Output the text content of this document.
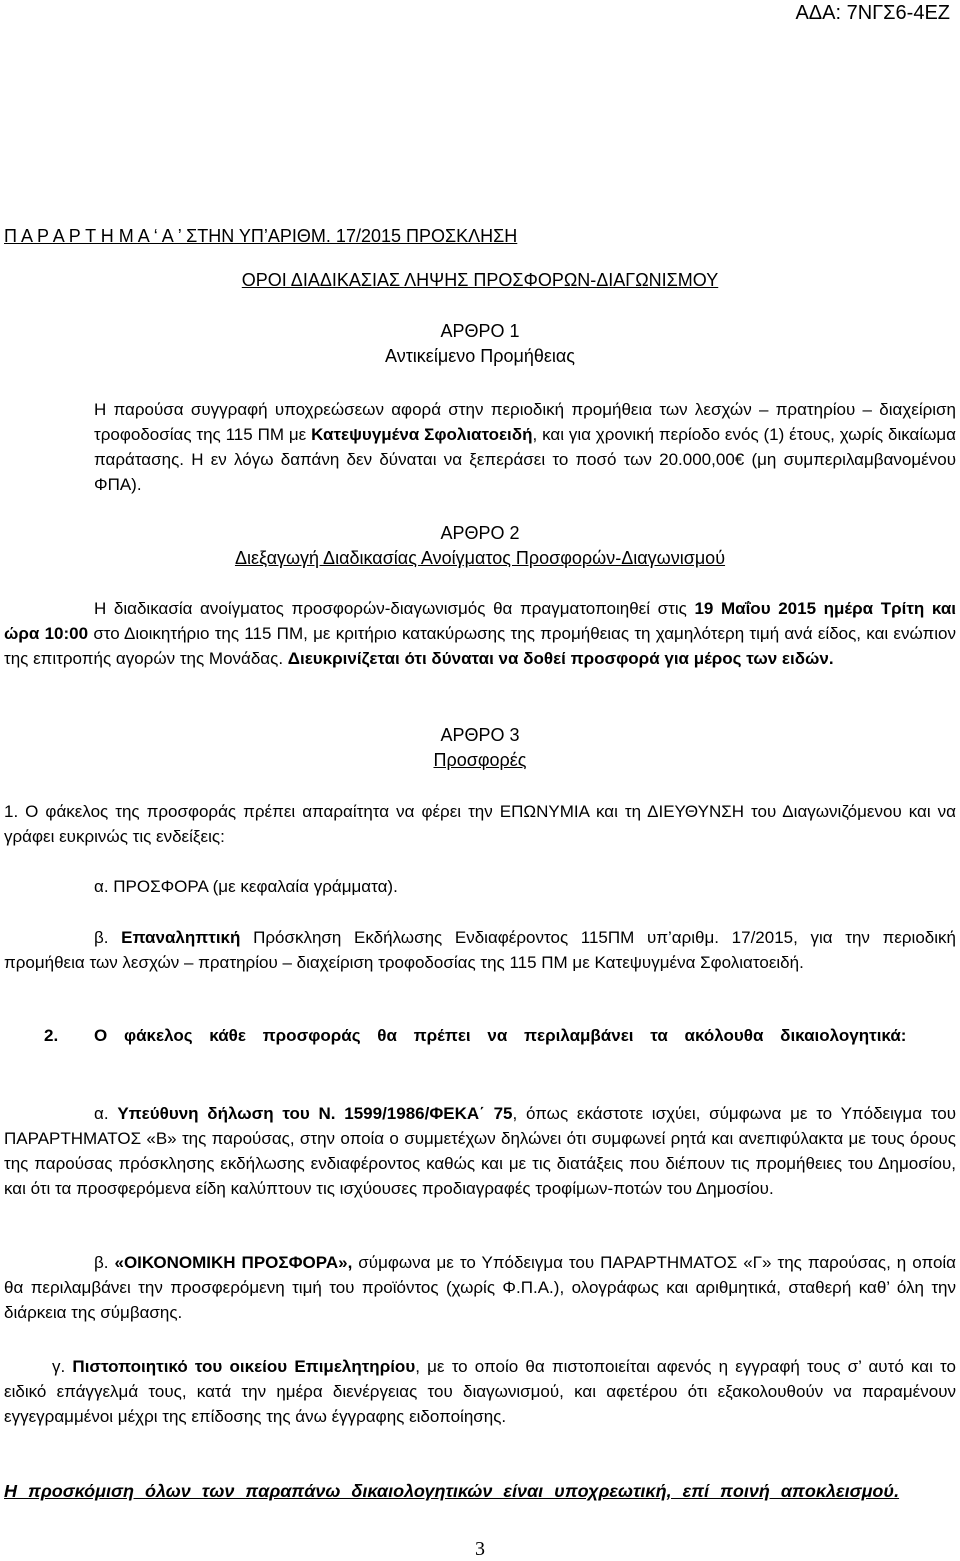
ΑΔΑ: 7ΝΓΣ6-4ΕΖ
Π Α Ρ Α Ρ Τ Η Μ Α ‘ Α ’ ΣΤΗΝ ΥΠ’ΑΡΙΘΜ. 17/2015 ΠΡΟΣΚΛΗΣΗ
ΟΡΟΙ ΔΙΑΔΙΚΑΣΙΑΣ ΛΗΨΗΣ ΠΡΟΣΦΟΡΩΝ-ΔΙΑΓΩΝΙΣΜΟΥ
ΑΡΘΡΟ 1
Αντικείμενο Προμήθειας
Η παρούσα συγγραφή υποχρεώσεων αφορά στην περιοδική προμήθεια των λεσχών – πρατηρίου – διαχείριση τροφοδοσίας της 115 ΠΜ με Κατεψυγμένα Σφολιατοειδή, και για χρονική περίοδο ενός (1) έτους, χωρίς δικαίωμα παράτασης. Η εν λόγω δαπάνη δεν δύναται να ξεπεράσει το ποσό των 20.000,00€ (μη συμπεριλαμβανομένου ΦΠΑ).
ΑΡΘΡΟ 2
Διεξαγωγή Διαδικασίας Ανοίγματος Προσφορών-Διαγωνισμού
Η διαδικασία ανοίγματος προσφορών-διαγωνισμός θα πραγματοποιηθεί στις 19 Μαΐου 2015 ημέρα Τρίτη και ώρα 10:00 στο Διοικητήριο της 115 ΠΜ, με κριτήριο κατακύρωσης της προμήθειας τη χαμηλότερη τιμή ανά είδος, και ενώπιον της επιτροπής αγορών της Μονάδας. Διευκρινίζεται ότι δύναται να δοθεί προσφορά για μέρος των ειδών.
ΑΡΘΡΟ 3
Προσφορές
1. Ο φάκελος της προσφοράς πρέπει απαραίτητα να φέρει την ΕΠΩΝΥΜΙΑ και τη ΔΙΕΥΘΥΝΣΗ του Διαγωνιζόμενου και να γράφει ευκρινώς τις ενδείξεις:
α. ΠΡΟΣΦΟΡΑ (με κεφαλαία γράμματα).
β. Επαναληπτική Πρόσκληση Εκδήλωσης Ενδιαφέροντος 115ΠΜ υπ’αριθμ. 17/2015, για την περιοδική προμήθεια των λεσχών – πρατηρίου – διαχείριση τροφοδοσίας της 115 ΠΜ με Κατεψυγμένα Σφολιατοειδή.
2. Ο φάκελος κάθε προσφοράς θα πρέπει να περιλαμβάνει τα ακόλουθα δικαιολογητικά:
α. Υπεύθυνη δήλωση του Ν. 1599/1986/ΦΕΚΑ΄ 75, όπως εκάστοτε ισχύει, σύμφωνα με το Υπόδειγμα του ΠΑΡΑΡΤΗΜΑΤΟΣ «Β» της παρούσας, στην οποία ο συμμετέχων δηλώνει ότι συμφωνεί ρητά και ανεπιφύλακτα με τους όρους της παρούσας πρόσκλησης εκδήλωσης ενδιαφέροντος καθώς και με τις διατάξεις που διέπουν τις προμήθειες του Δημοσίου, και ότι τα προσφερόμενα είδη καλύπτουν τις ισχύουσες προδιαγραφές τροφίμων-ποτών του Δημοσίου.
β. «ΟΙΚΟΝΟΜΙΚΗ ΠΡΟΣΦΟΡΑ», σύμφωνα με το Υπόδειγμα του ΠΑΡΑΡΤΗΜΑΤΟΣ «Γ» της παρούσας, η οποία θα περιλαμβάνει την προσφερόμενη τιμή του προϊόντος (χωρίς Φ.Π.Α.), ολογράφως και αριθμητικά, σταθερή καθ’ όλη την διάρκεια της σύμβασης.
γ. Πιστοποιητικό του οικείου Επιμελητηρίου, με το οποίο θα πιστοποιείται αφενός η εγγραφή τους σ’ αυτό και το ειδικό επάγγελμά τους, κατά την ημέρα διενέργειας του διαγωνισμού, και αφετέρου ότι εξακολουθούν να παραμένουν εγγεγραμμένοι μέχρι της επίδοσης της άνω έγγραφης ειδοποίησης.
Η προσκόμιση όλων των παραπάνω δικαιολογητικών είναι υποχρεωτική, επί ποινή αποκλεισμού.
3
